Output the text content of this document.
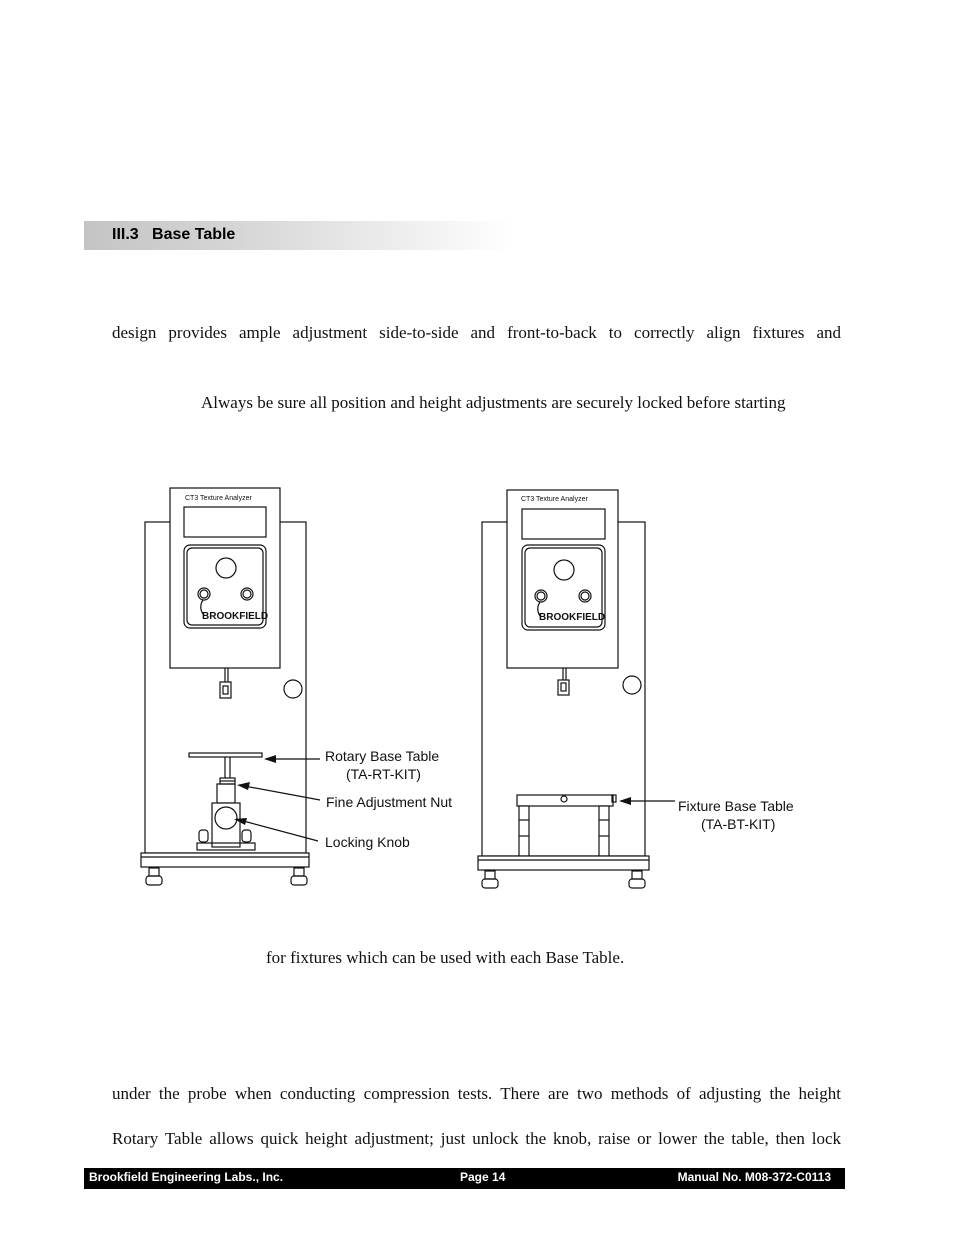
III.3 Base Table
design provides ample adjustment side-to-side and front-to-back to correctly align fixtures and
Always be sure all position and height adjustments are securely locked before starting
CT3 Texture Analyzer
BROOKFIELD
Rotary Base Table
(TA-RT-KIT)
Fine Adjustment Nut
Locking Knob
CT3 Texture Analyzer
BROOKFIELD
Fixture Base Table
(TA-BT-KIT)
for fixtures which can be used with each Base Table.
under the probe when conducting compression tests. There are two methods of adjusting the height
Rotary Table allows quick height adjustment; just unlock the knob, raise or lower the table, then lock
Brookfield Engineering Labs., Inc.	Page 14	Manual No. M08-372-C0113
